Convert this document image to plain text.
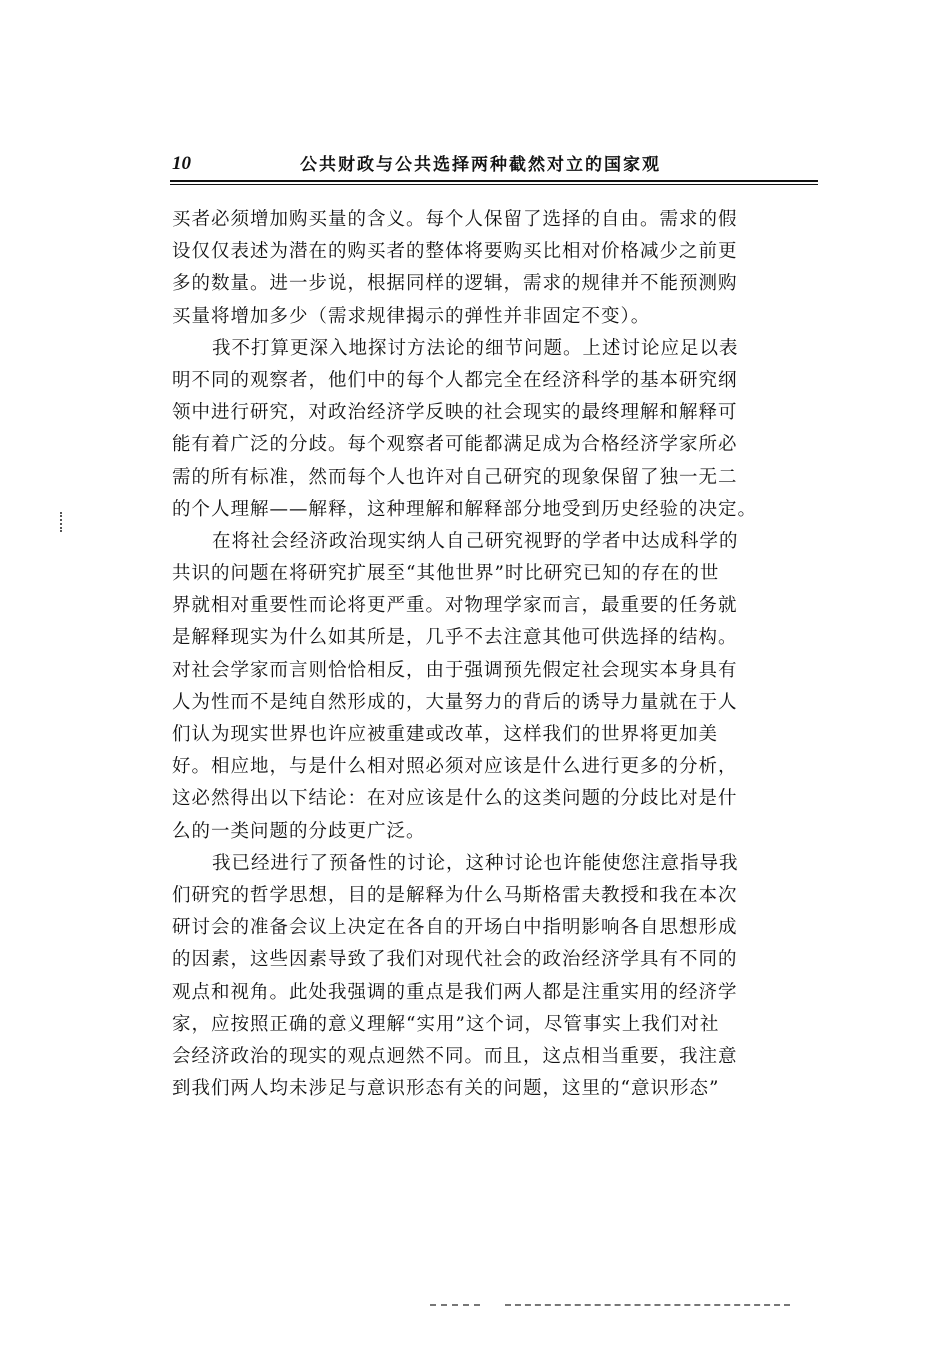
10	公共财政与公共选择两种截然对立的国家观
买者必须增加购买量的含义。每个人保留了选择的自由。需求的假
设仅仅表述为潜在的购买者的整体将要购买比相对价格减少之前更
多的数量。进一步说，根据同样的逻辑，需求的规律并不能预测购
买量将增加多少（需求规律揭示的弹性并非固定不变）。
我不打算更深入地探讨方法论的细节问题。上述讨论应足以表
明不同的观察者，他们中的每个人都完全在经济科学的基本研究纲
领中进行研究，对政治经济学反映的社会现实的最终理解和解释可
能有着广泛的分歧。每个观察者可能都满足成为合格经济学家所必
需的所有标准，然而每个人也许对自己研究的现象保留了独一无二
的个人理解——解释，这种理解和解释部分地受到历史经验的决定。
在将社会经济政治现实纳人自己研究视野的学者中达成科学的
共识的问题在将研究扩展至“其他世界”时比研究已知的存在的世
界就相对重要性而论将更严重。对物理学家而言，最重要的任务就
是解释现实为什么如其所是，几乎不去注意其他可供选择的结构。
对社会学家而言则恰恰相反，由于强调预先假定社会现实本身具有
人为性而不是纯自然形成的，大量努力的背后的诱导力量就在于人
们认为现实世界也许应被重建或改革，这样我们的世界将更加美
好。相应地，与是什么相对照必须对应该是什么进行更多的分析，
这必然得出以下结论：在对应该是什么的这类问题的分歧比对是什
么的一类问题的分歧更广泛。
我已经进行了预备性的讨论，这种讨论也许能使您注意指导我
们研究的哲学思想，目的是解释为什么马斯格雷夫教授和我在本次
研讨会的准备会议上决定在各自的开场白中指明影响各自思想形成
的因素，这些因素导致了我们对现代社会的政治经济学具有不同的
观点和视角。此处我强调的重点是我们两人都是注重实用的经济学
家，应按照正确的意义理解“实用”这个词，尽管事实上我们对社
会经济政治的现实的观点迥然不同。而且，这点相当重要，我注意
到我们两人均未涉足与意识形态有关的问题，这里的“意识形态”
